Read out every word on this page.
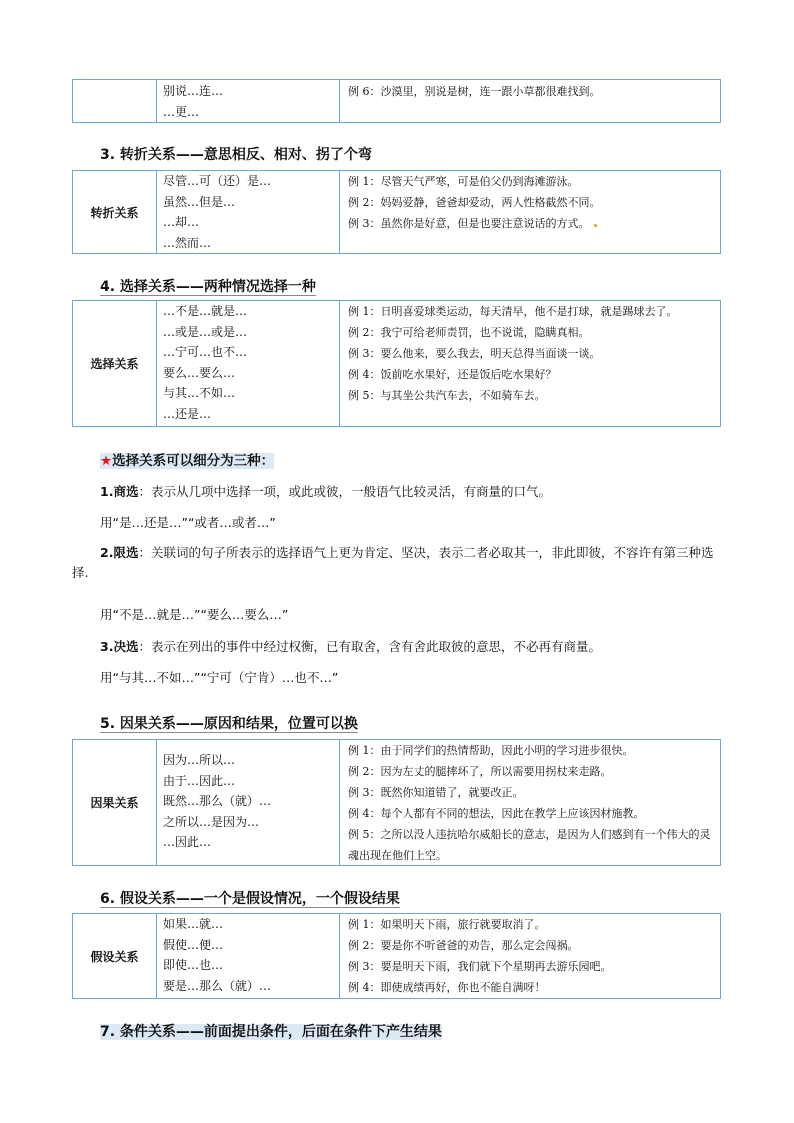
别说…连…
…更…
例 6：沙漠里，别说是树，连一跟小草都很难找到。
3. 转折关系——意思相反、相对、拐了个弯
转折关系
尽管…可（还）是…
虽然…但是…
…却…
…然而…
例 1：尽管天气严寒，可是伯父仍到海滩游泳。
例 2：妈妈爱静，爸爸却爱动，两人性格截然不同。
例 3：虽然你是好意，但是也要注意说话的方式。
4. 选择关系——两种情况选择一种
选择关系
…不是…就是…
…或是…或是…
…宁可…也不…
要么…要么…
与其…不如…
…还是…
例 1：日明喜爱球类运动，每天清早，他不是打球，就是踢球去了。
例 2：我宁可给老师责罚，也不说谎，隐瞒真相。
例 3：要么他来，要么我去，明天总得当面谈一谈。
例 4：饭前吃水果好，还是饭后吃水果好？
例 5：与其坐公共汽车去，不如骑车去。
★选择关系可以细分为三种：
1.商选：表示从几项中选择一项，或此或彼，一般语气比较灵活，有商量的口气。
用“是…还是…”“或者…或者…”
2.限选：关联词的句子所表示的选择语气上更为肯定、坚决，表示二者必取其一，非此即彼，不容许有第三种选择.
用“不是…就是…”“要么…要么…”
3.决选：表示在列出的事件中经过权衡，已有取舍，含有舍此取彼的意思，不必再有商量。
用“与其…不如…”“宁可（宁肯）…也不…”
5. 因果关系——原因和结果，位置可以换
因果关系
因为…所以…
由于…因此…
既然…那么（就）…
之所以…是因为…
…因此…
例 1：由于同学们的热情帮助，因此小明的学习进步很快。
例 2：因为左丈的腿摔坏了，所以需要用拐杖来走路。
例 3：既然你知道错了，就要改正。
例 4：每个人都有不同的想法，因此在教学上应该因材施教。
例 5：之所以没人违抗哈尔威船长的意志，是因为人们感到有一个伟大的灵魂出现在他们上空。
6. 假设关系——一个是假设情况，一个假设结果
假设关系
如果…就…
假使…便…
即使…也…
要是…那么（就）…
例 1：如果明天下雨，旅行就要取消了。
例 2：要是你不听爸爸的劝告，那么定会闯祸。
例 3：要是明天下雨，我们就下个星期再去游乐园吧。
例 4：即使成绩再好，你也不能自满呀！
7. 条件关系——前面提出条件，后面在条件下产生结果
